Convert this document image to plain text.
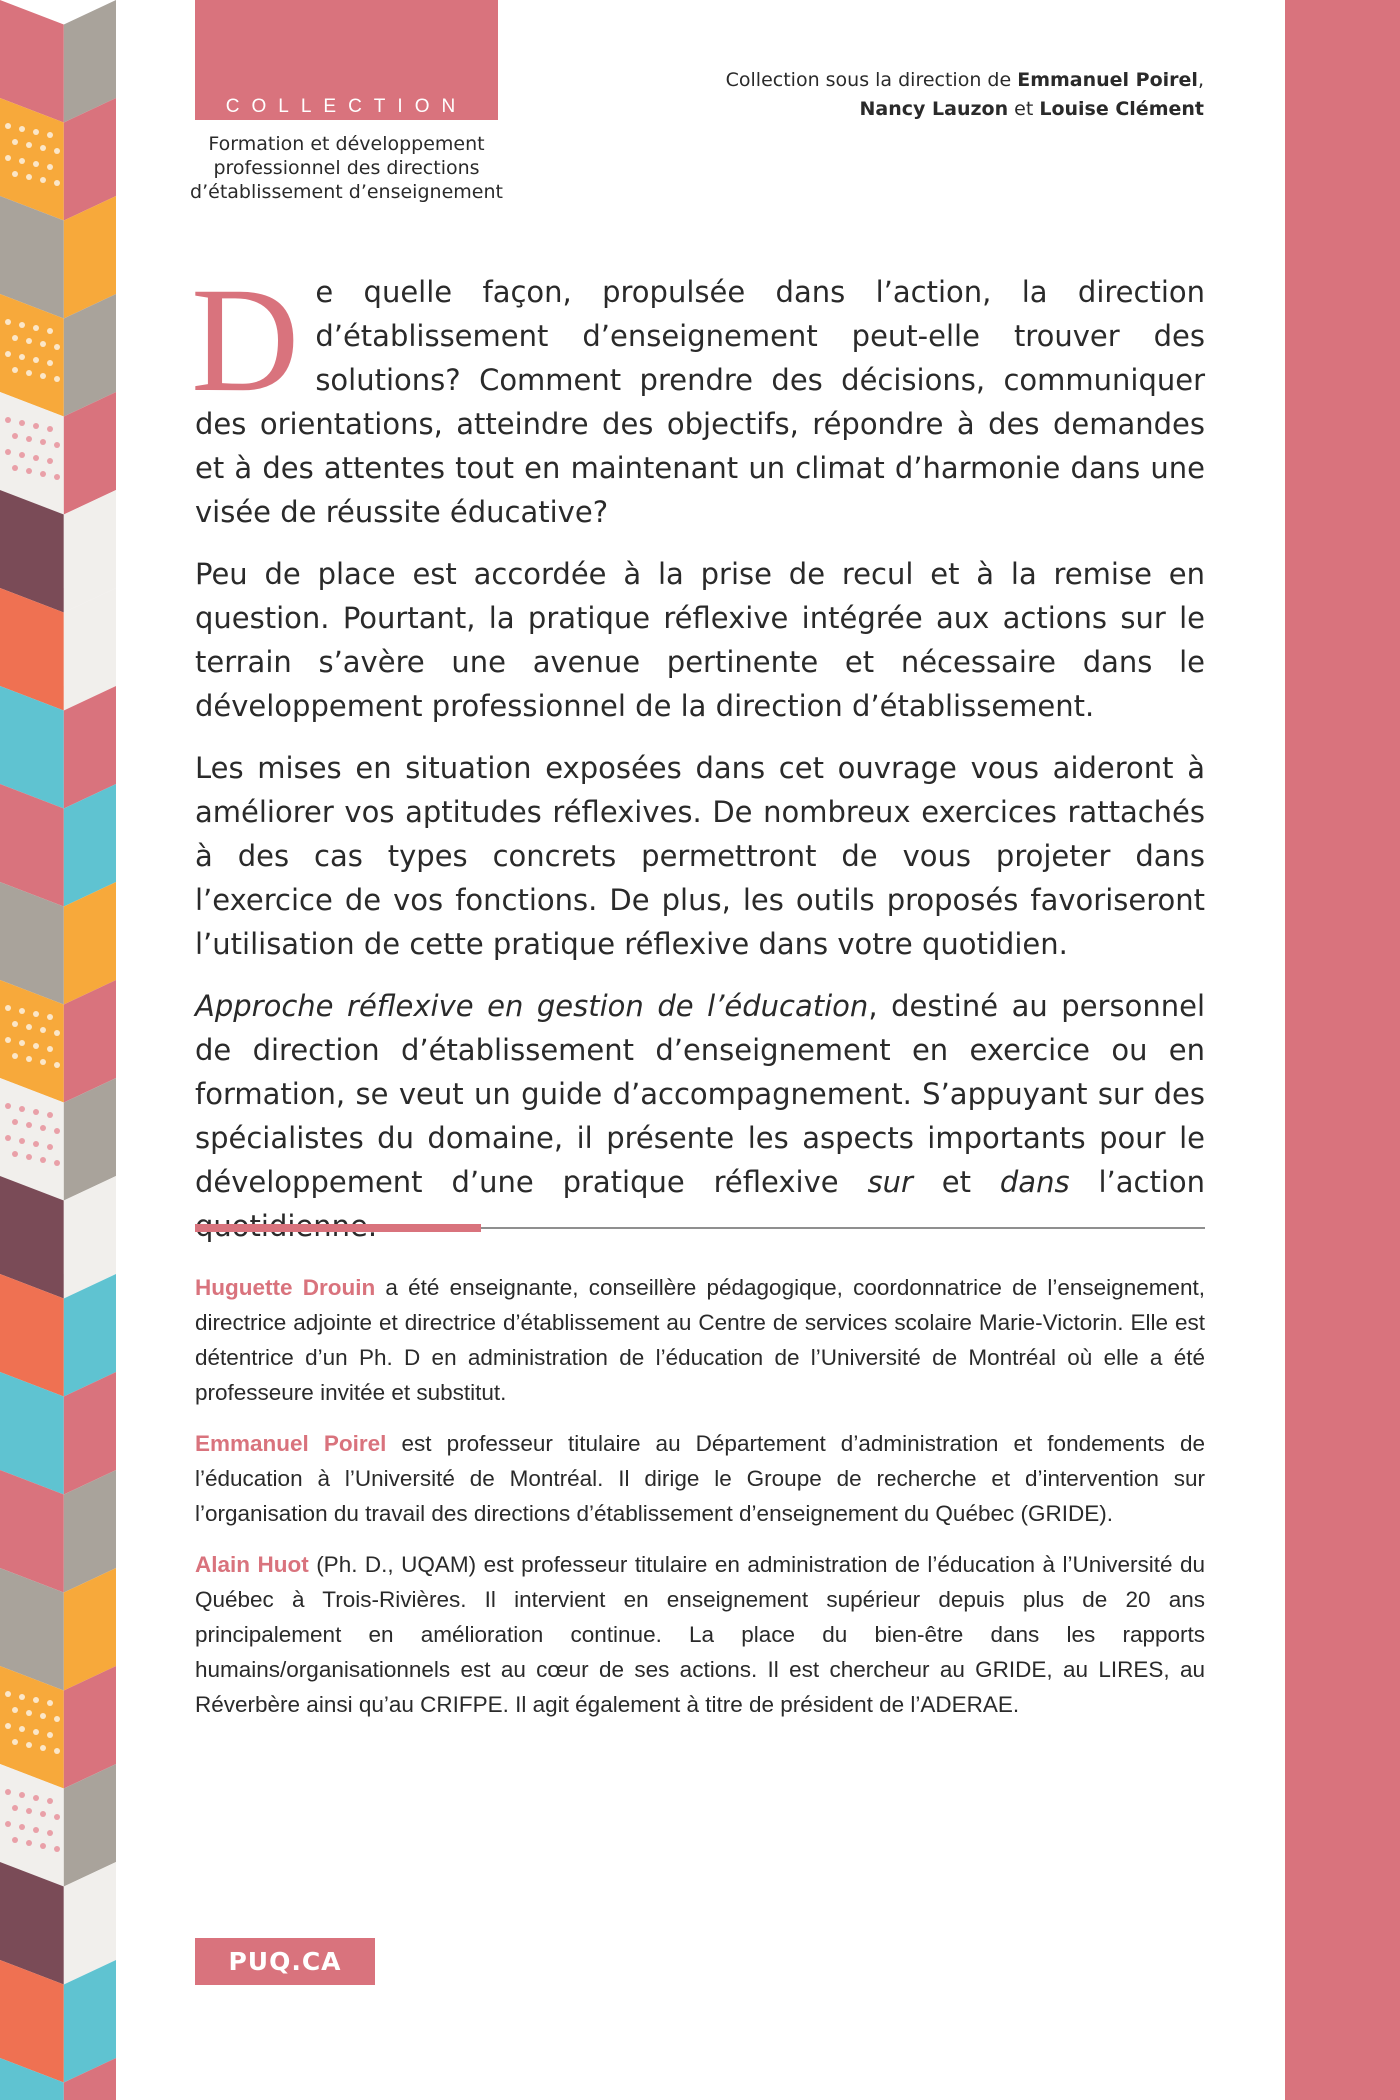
COLLECTION
Formation et développement professionnel des directions d’établissement d’enseignement
Collection sous la direction de Emmanuel Poirel,
Nancy Lauzon et Louise Clément

De quelle façon, propulsée dans l’action, la direction d’établissement d’enseignement peut-elle trouver des solutions? Comment prendre des décisions, communiquer des orientations, atteindre des objectifs, répondre à des demandes et à des attentes tout en maintenant un climat d’harmonie dans une visée de réussite éducative?

Peu de place est accordée à la prise de recul et à la remise en question. Pourtant, la pratique réflexive intégrée aux actions sur le terrain s’avère une avenue pertinente et nécessaire dans le développement professionnel de la direction d’établissement.

Les mises en situation exposées dans cet ouvrage vous aideront à améliorer vos aptitudes réflexives. De nombreux exercices rattachés à des cas types concrets permettront de vous projeter dans l’exercice de vos fonctions. De plus, les outils proposés favoriseront l’utilisation de cette pratique réflexive dans votre quotidien.

Approche réflexive en gestion de l’éducation, destiné au personnel de direction d’établissement d’enseignement en exercice ou en formation, se veut un guide d’accompagnement. S’appuyant sur des spécialistes du domaine, il présente les aspects importants pour le développement d’une pratique réflexive sur et dans l’action

Huguette Drouin a été enseignante, conseillère pédagogique, coordonnatrice de l’enseignement, directrice adjointe et directrice d’établissement au Centre de services scolaire Marie-Victorin. Elle est détentrice d’un Ph. D en administration de l’éducation de l’Université de Montréal où elle a été professeure invitée et substitut.

Emmanuel Poirel est professeur titulaire au Département d’administration et fondements de l’éducation à l’Université de Montréal. Il dirige le Groupe de recherche et d’intervention sur l’organisation du travail des directions d’établissement d’enseignement du Québec (GRIDE).

Alain Huot (Ph. D., UQAM) est professeur titulaire en administration de l’éducation à l’Université du Québec à Trois-Rivières. Il intervient en enseignement supérieur depuis plus de 20 ans principalement en amélioration continue. La place du bien-être dans les rapports humains/organisationnels est au cœur de ses actions. Il est chercheur au GRIDE, au LIRES, au Réverbère ainsi qu’au CRIFPE. Il agit également à titre de président de l’ADERAE.

PUQ.CA
